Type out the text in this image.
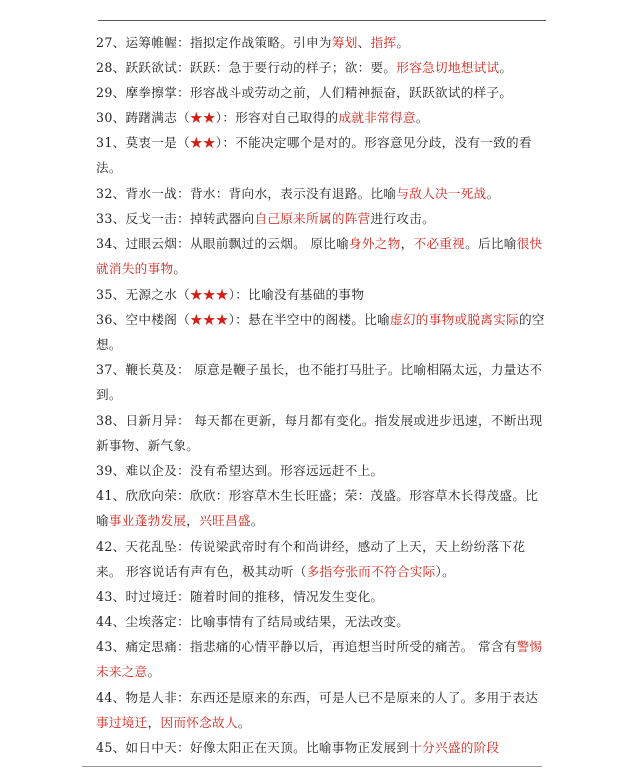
27、运筹帷幄：指拟定作战策略。引申为筹划、指挥。
28、跃跃欲试：跃跃：急于要行动的样子；欲：要。形容急切地想试试。
29、摩拳擦掌：形容战斗或劳动之前，人们精神振奋，跃跃欲试的样子。
30、踌躇满志（★★）：形容对自己取得的成就非常得意。
31、莫衷一是（★★）：不能决定哪个是对的。形容意见分歧，没有一致的看法。
32、背水一战：背水：背向水，表示没有退路。比喻与敌人决一死战。
33、反戈一击：掉转武器向自己原来所属的阵营进行攻击。
34、过眼云烟：从眼前飘过的云烟。 原比喻身外之物，不必重视。后比喻很快就消失的事物。
35、无源之水（★★★）：比喻没有基础的事物
36、空中楼阁（★★★）：悬在半空中的阁楼。比喻虚幻的事物或脱离实际的空想。
37、鞭长莫及： 原意是鞭子虽长，也不能打马肚子。比喻相隔太远，力量达不到。
38、日新月异： 每天都在更新，每月都有变化。指发展或进步迅速，不断出现新事物、新气象。
39、难以企及：没有希望达到。形容远远赶不上。
41、欣欣向荣：欣欣：形容草木生长旺盛；荣：茂盛。形容草木长得茂盛。比喻事业蓬勃发展，兴旺昌盛。
42、天花乱坠：传说梁武帝时有个和尚讲经，感动了上天，天上纷纷落下花来。 形容说话有声有色，极其动听（多指夸张而不符合实际）。
43、时过境迁：随着时间的推移，情况发生变化。
44、尘埃落定：比喻事情有了结局或结果，无法改变。
43、痛定思痛：指悲痛的心情平静以后，再追想当时所受的痛苦。 常含有警惕未来之意。
44、物是人非：东西还是原来的东西，可是人已不是原来的人了。多用于表达事过境迁，因而怀念故人。
45、如日中天：好像太阳正在天顶。比喻事物正发展到十分兴盛的阶段
